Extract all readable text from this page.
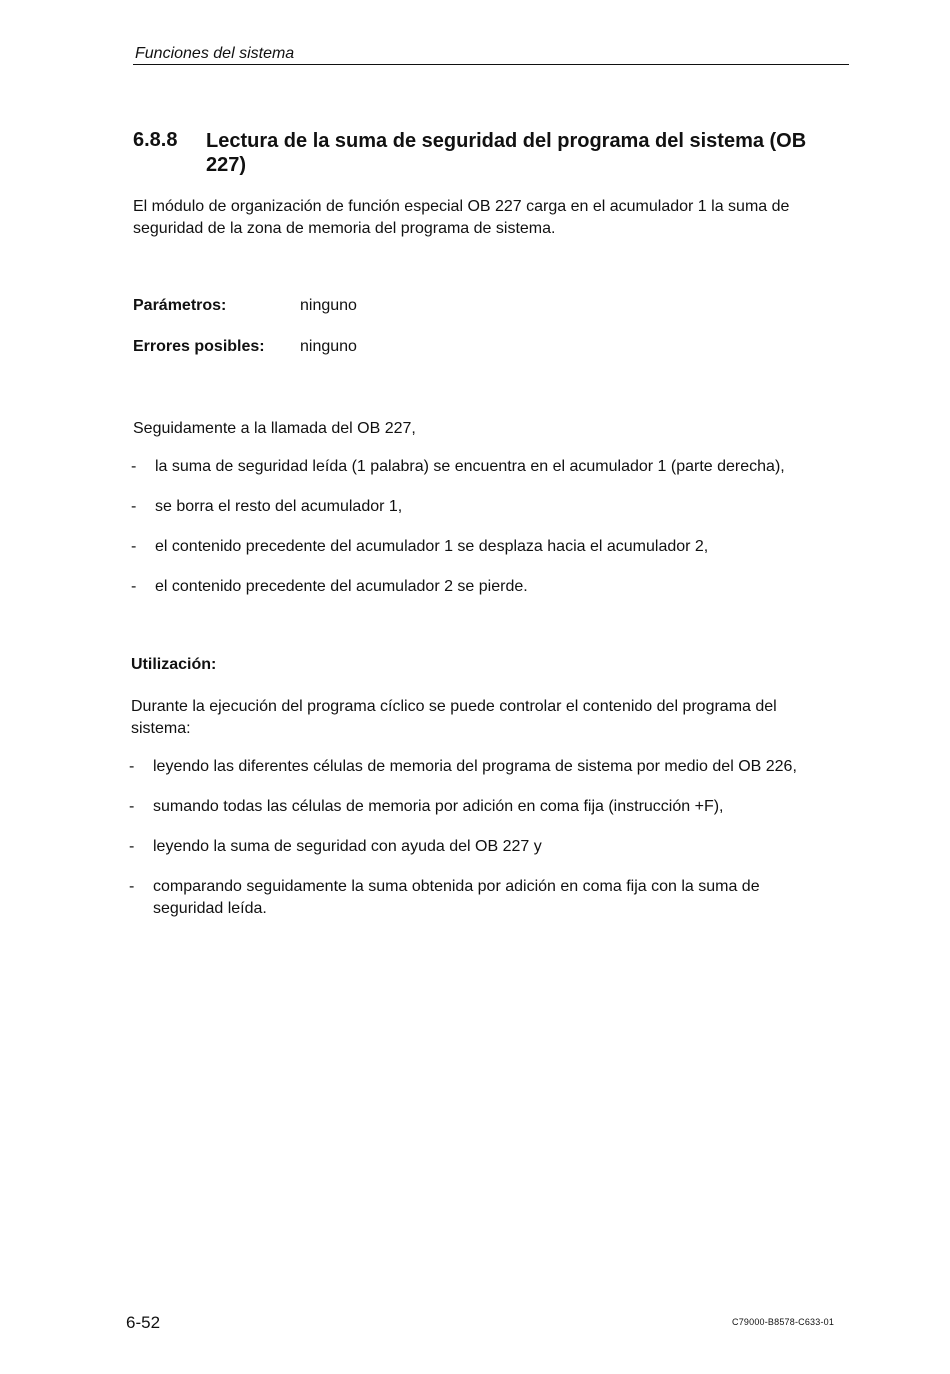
Funciones del sistema
6.8.8 Lectura de la suma de seguridad del programa del sistema (OB 227)
El módulo de organización de función especial OB 227 carga en el acumulador 1 la suma de seguridad de la zona de memoria del programa de sistema.
Parámetros:	ninguno
Errores posibles: ninguno
Seguidamente a la llamada del OB 227,
- la suma de seguridad leída (1 palabra) se encuentra en el acumulador 1 (parte derecha),
- se borra el resto del acumulador 1,
- el contenido precedente del acumulador 1 se desplaza hacia el acumulador 2,
- el contenido precedente del acumulador 2 se pierde.
Utilización:
Durante la ejecución del programa cíclico se puede controlar el contenido del programa del sistema:
- leyendo las diferentes células de memoria del programa de sistema por medio del OB 226,
- sumando todas las células de memoria por adición en coma fija (instrucción +F),
- leyendo la suma de seguridad con ayuda del OB 227 y
- comparando seguidamente la suma obtenida por adición en coma fija con la suma de seguridad leída.
6-52	C79000-B8578-C633-01
